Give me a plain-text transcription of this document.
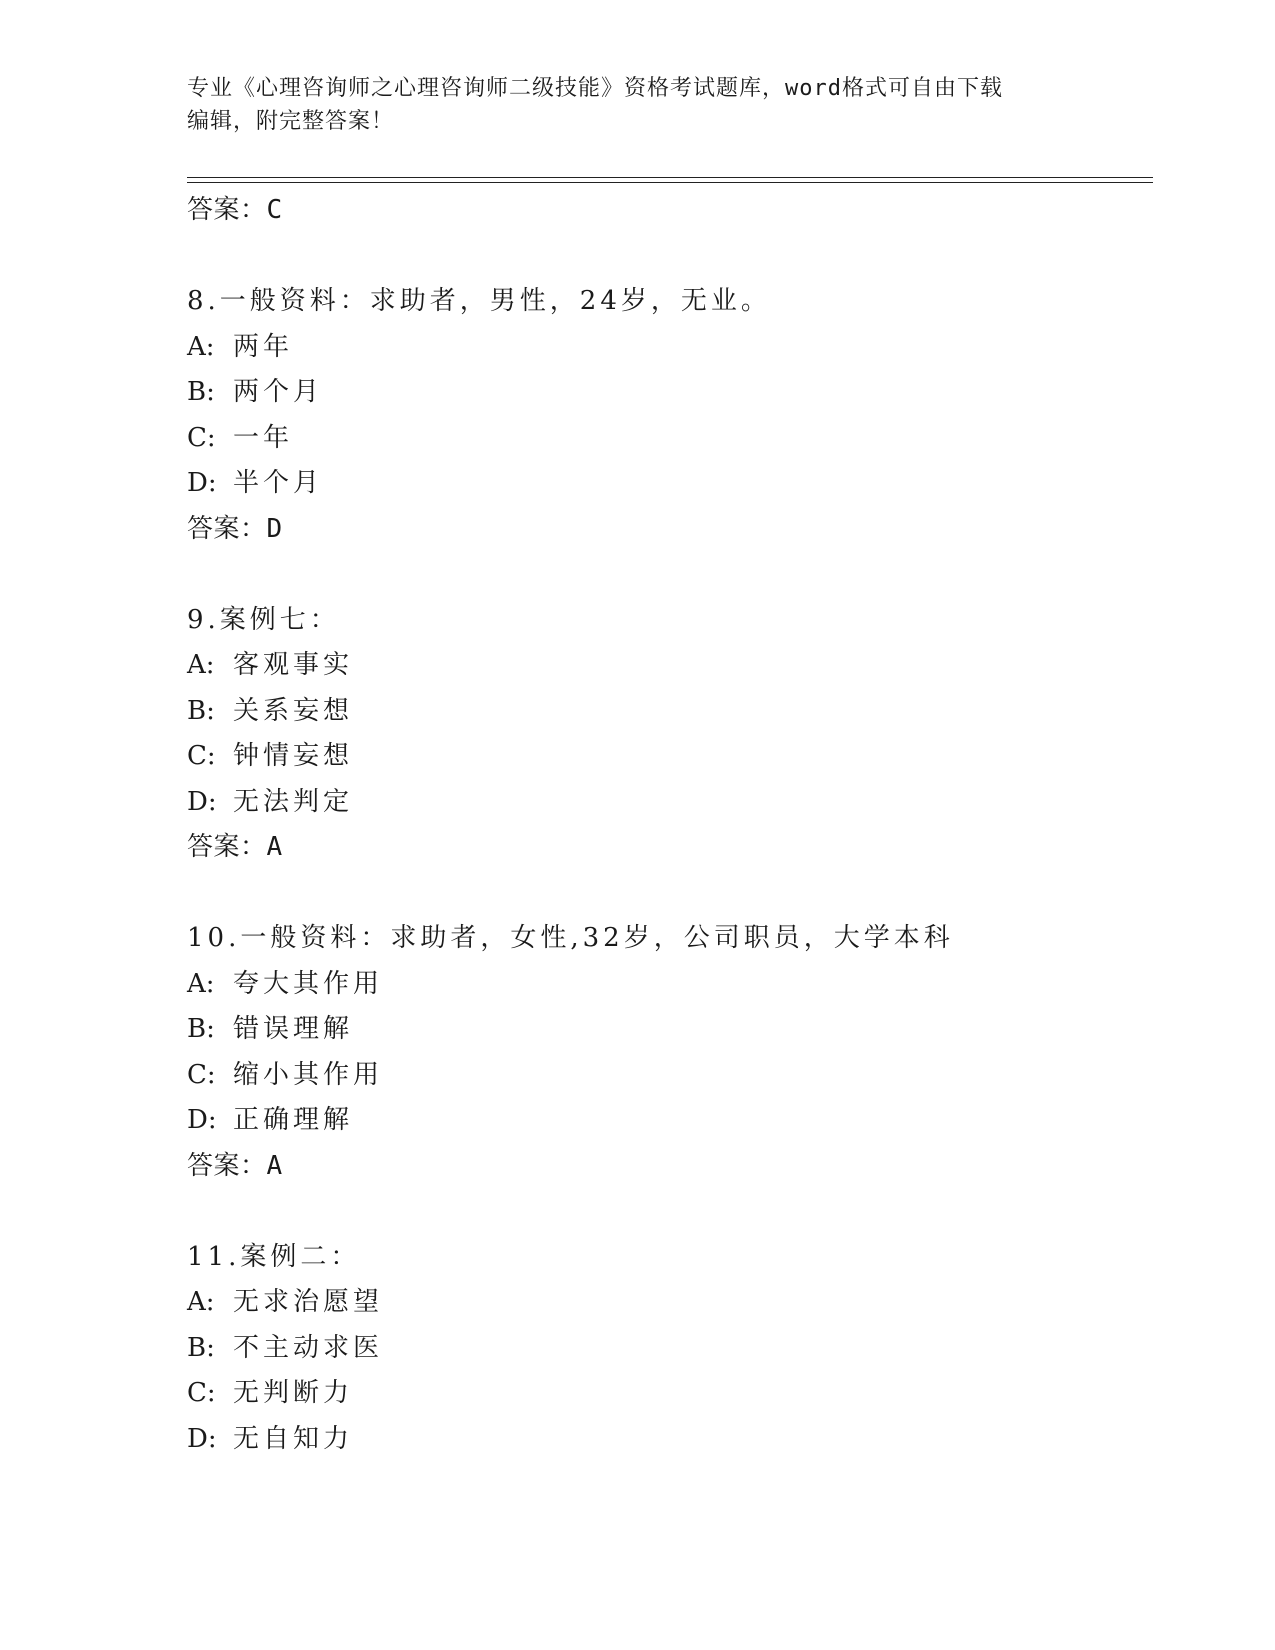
专业《心理咨询师之心理咨询师二级技能》资格考试题库，word格式可自由下载
编辑，附完整答案！
答案：C
8.一般资料：求助者，男性，24岁，无业。
A: 两年
B: 两个月
C: 一年
D: 半个月
答案：D
9.案例七：
A: 客观事实
B: 关系妄想
C: 钟情妄想
D: 无法判定
答案：A
10.一般资料：求助者，女性,32岁，公司职员，大学本科
A: 夸大其作用
B: 错误理解
C: 缩小其作用
D: 正确理解
答案：A
11.案例二：
A: 无求治愿望
B: 不主动求医
C: 无判断力
D: 无自知力
